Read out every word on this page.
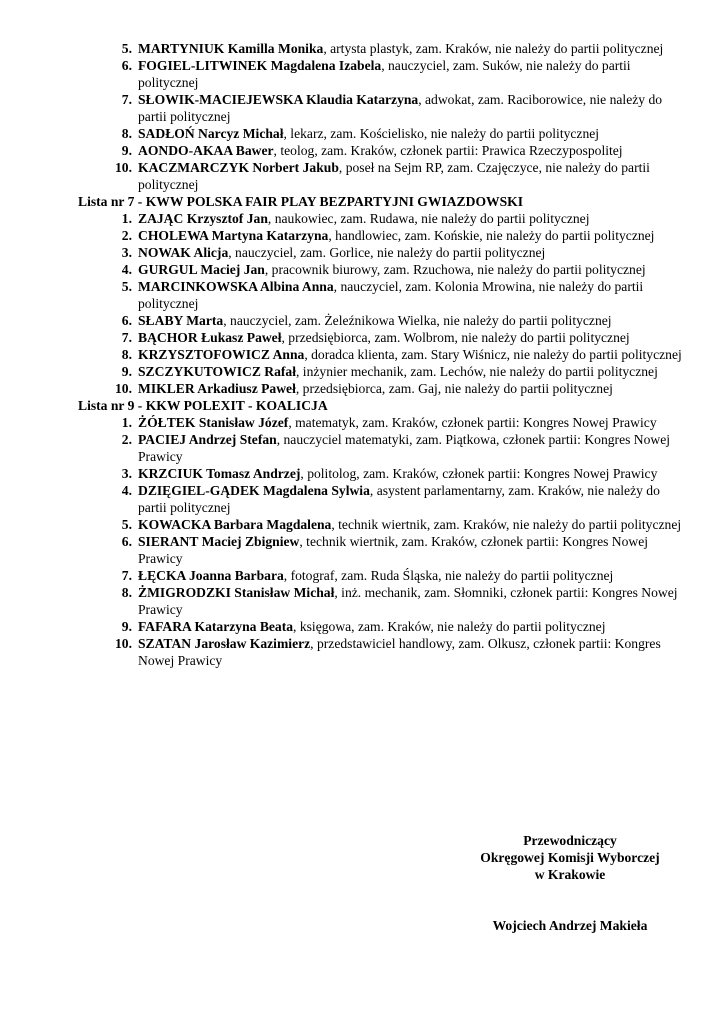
5. MARTYNIUK Kamilla Monika, artysta plastyk, zam. Kraków, nie należy do partii politycznej
6. FOGIEL-LITWINEK Magdalena Izabela, nauczyciel, zam. Suków, nie należy do partii politycznej
7. SŁOWIK-MACIEJEWSKA Klaudia Katarzyna, adwokat, zam. Raciborowice, nie należy do partii politycznej
8. SADŁOŃ Narcyz Michał, lekarz, zam. Kościelisko, nie należy do partii politycznej
9. AONDO-AKAA Bawer, teolog, zam. Kraków, członek partii: Prawica Rzeczypospolitej
10. KACZMARCZYK Norbert Jakub, poseł na Sejm RP, zam. Czajęczyce, nie należy do partii politycznej
Lista nr 7 - KWW POLSKA FAIR PLAY BEZPARTYJNI GWIAZDOWSKI
1. ZAJĄC Krzysztof Jan, naukowiec, zam. Rudawa, nie należy do partii politycznej
2. CHOLEWA Martyna Katarzyna, handlowiec, zam. Końskie, nie należy do partii politycznej
3. NOWAK Alicja, nauczyciel, zam. Gorlice, nie należy do partii politycznej
4. GURGUL Maciej Jan, pracownik biurowy, zam. Rzuchowa, nie należy do partii politycznej
5. MARCINKOWSKA Albina Anna, nauczyciel, zam. Kolonia Mrowina, nie należy do partii politycznej
6. SŁABY Marta, nauczyciel, zam. Żeleźnikowa Wielka, nie należy do partii politycznej
7. BĄCHOR Łukasz Paweł, przedsiębiorca, zam. Wolbrom, nie należy do partii politycznej
8. KRZYSZTOFOWICZ Anna, doradca klienta, zam. Stary Wiśnicz, nie należy do partii politycznej
9. SZCZYKUTOWICZ Rafał, inżynier mechanik, zam. Lechów, nie należy do partii politycznej
10. MIKLER Arkadiusz Paweł, przedsiębiorca, zam. Gaj, nie należy do partii politycznej
Lista nr 9 - KKW POLEXIT - KOALICJA
1. ŻÓŁTEK Stanisław Józef, matematyk, zam. Kraków, członek partii: Kongres Nowej Prawicy
2. PACIEJ Andrzej Stefan, nauczyciel matematyki, zam. Piątkowa, członek partii: Kongres Nowej Prawicy
3. KRZCIUK Tomasz Andrzej, politolog, zam. Kraków, członek partii: Kongres Nowej Prawicy
4. DZIĘGIEL-GĄDEK Magdalena Sylwia, asystent parlamentarny, zam. Kraków, nie należy do partii politycznej
5. KOWACKA Barbara Magdalena, technik wiertnik, zam. Kraków, nie należy do partii politycznej
6. SIERANT Maciej Zbigniew, technik wiertnik, zam. Kraków, członek partii: Kongres Nowej Prawicy
7. ŁĘCKA Joanna Barbara, fotograf, zam. Ruda Śląska, nie należy do partii politycznej
8. ŻMIGRODZKI Stanisław Michał, inż. mechanik, zam. Słomniki, członek partii: Kongres Nowej Prawicy
9. FAFARA Katarzyna Beata, księgowa, zam. Kraków, nie należy do partii politycznej
10. SZATAN Jarosław Kazimierz, przedstawiciel handlowy, zam. Olkusz, członek partii: Kongres Nowej Prawicy
Przewodniczący
Okręgowej Komisji Wyborczej
w Krakowie
Wojciech Andrzej Makieła
